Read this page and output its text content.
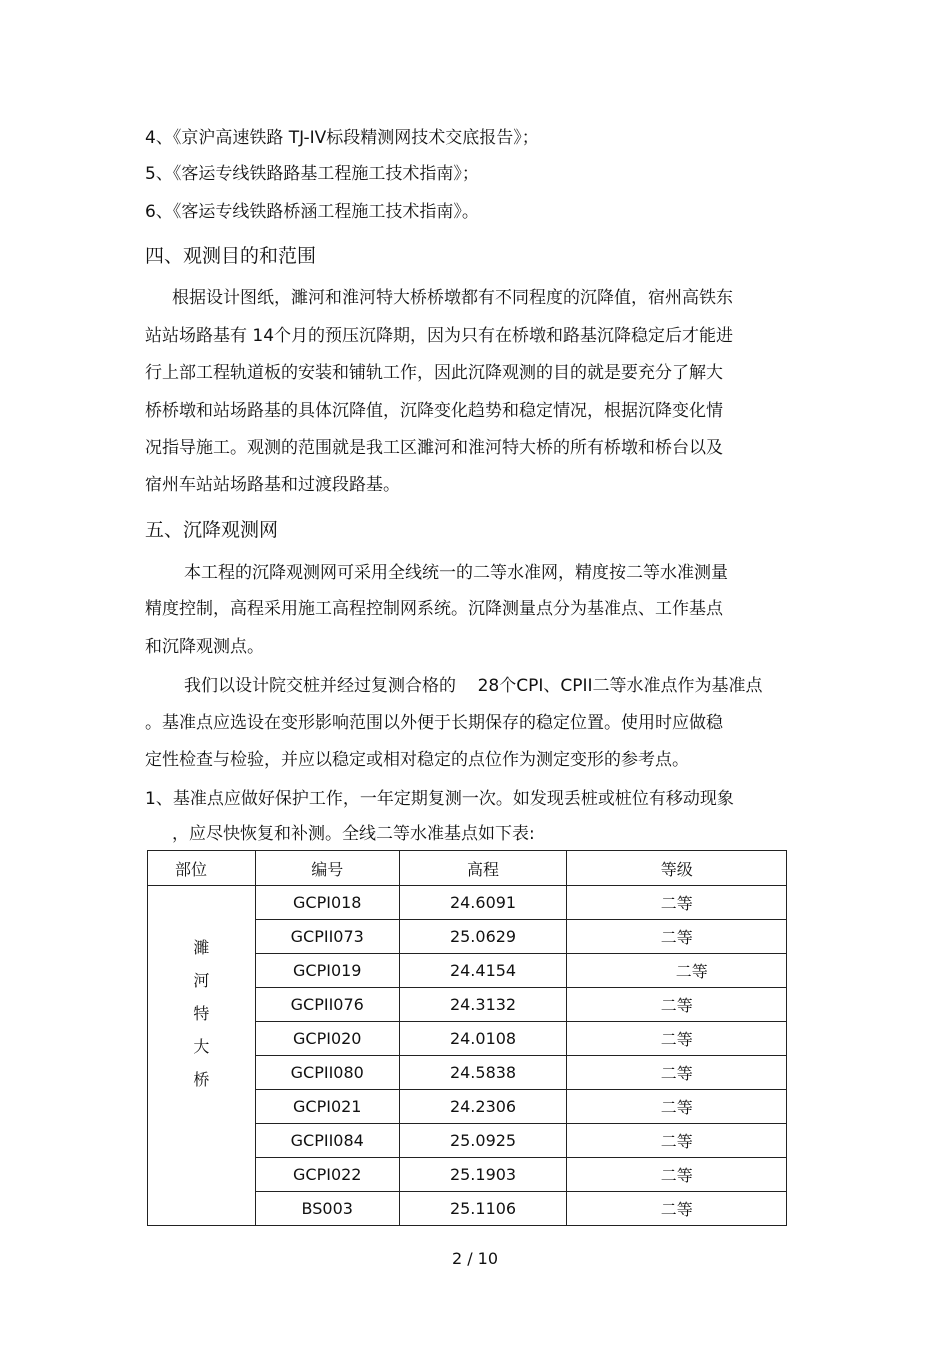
4、《京沪高速铁路 TJ-IV标段精测网技术交底报告》；
5、《客运专线铁路路基工程施工技术指南》；
6、《客运专线铁路桥涵工程施工技术指南》。
四、观测目的和范围
根据设计图纸，濉河和淮河特大桥桥墩都有不同程度的沉降值，宿州高铁东
站站场路基有 14个月的预压沉降期，因为只有在桥墩和路基沉降稳定后才能进
行上部工程轨道板的安装和铺轨工作，因此沉降观测的目的就是要充分了解大
桥桥墩和站场路基的具体沉降值，沉降变化趋势和稳定情况，根据沉降变化情
况指导施工。观测的范围就是我工区濉河和淮河特大桥的所有桥墩和桥台以及
宿州车站站场路基和过渡段路基。
五、沉降观测网
本工程的沉降观测网可采用全线统一的二等水准网，精度按二等水准测量
精度控制，高程采用施工高程控制网系统。沉降测量点分为基准点、工作基点
和沉降观测点。
我们以设计院交桩并经过复测合格的    28个CPI、CPII二等水准点作为基准点
。基准点应选设在变形影响范围以外便于长期保存的稳定位置。使用时应做稳
定性检查与检验，并应以稳定或相对稳定的点位作为测定变形的参考点。
1、基准点应做好保护工作，一年定期复测一次。如发现丢桩或桩位有移动现象
，应尽快恢复和补测。全线二等水准基点如下表:
部位	编号	高程	等级
濉
河
特
大
桥	GCPI018	24.6091	二等
	GCPII073	25.0629	二等
	GCPI019	24.4154	二等
	GCPII076	24.3132	二等
	GCPI020	24.0108	二等
	GCPII080	24.5838	二等
	GCPI021	24.2306	二等
	GCPII084	25.0925	二等
	GCPI022	25.1903	二等
	BS003	25.1106	二等
2 / 10
